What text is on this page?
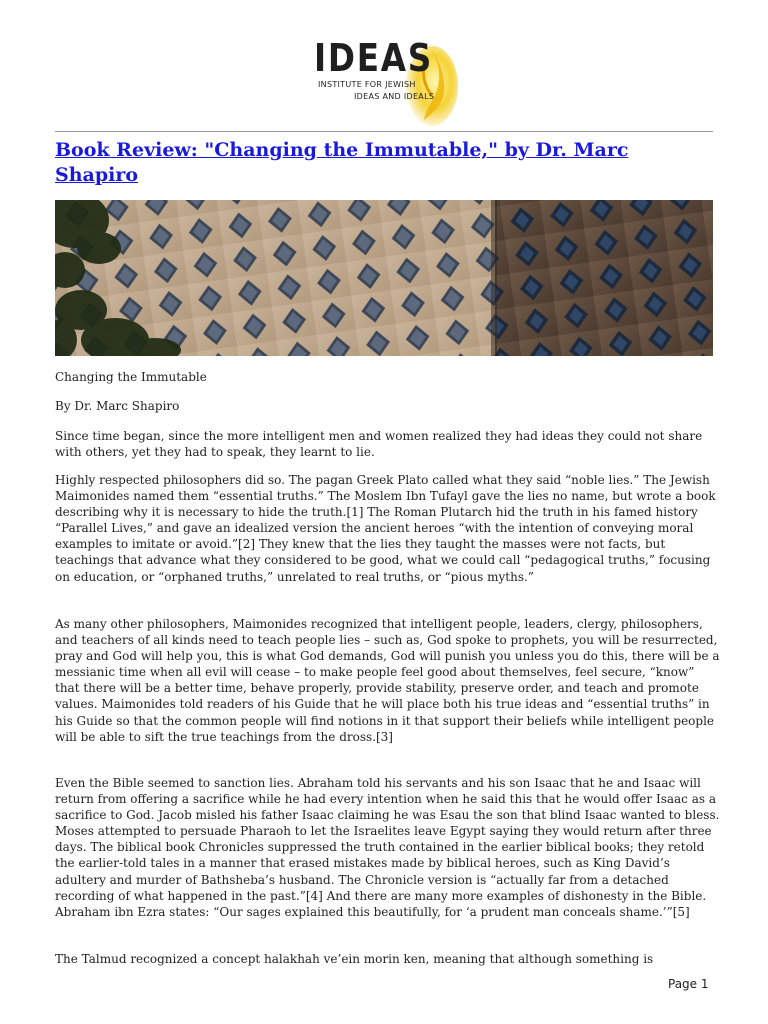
IDEAS
INSTITUTE FOR JEWISH
IDEAS AND IDEALS
Book Review: "Changing the Immutable," by Dr. Marc Shapiro

Changing the Immutable

By Dr. Marc Shapiro

Since time began, since the more intelligent men and women realized they had ideas they could not share with others, yet they had to speak, they learnt to lie.

Highly respected philosophers did so. The pagan Greek Plato called what they said “noble lies.” The Jewish Maimonides named them “essential truths.” The Moslem Ibn Tufayl gave the lies no name, but wrote a book describing why it is necessary to hide the truth.[1] The Roman Plutarch hid the truth in his famed history “Parallel Lives,” and gave an idealized version the ancient heroes “with the intention of conveying moral examples to imitate or avoid.”[2] They knew that the lies they taught the masses were not facts, but teachings that advance what they considered to be good, what we could call “pedagogical truths,” focusing on education, or “orphaned truths,” unrelated to real truths, or “pious myths.”

As many other philosophers, Maimonides recognized that intelligent people, leaders, clergy, philosophers, and teachers of all kinds need to teach people lies – such as, God spoke to prophets, you will be resurrected, pray and God will help you, this is what God demands, God will punish you unless you do this, there will be a messianic time when all evil will cease – to make people feel good about themselves, feel secure, “know” that there will be a better time, behave properly, provide stability, preserve order, and teach and promote values. Maimonides told readers of his Guide that he will place both his true ideas and “essential truths” in his Guide so that the common people will find notions in it that support their beliefs while intelligent people will be able to sift the true teachings from the dross.[3]

Even the Bible seemed to sanction lies. Abraham told his servants and his son Isaac that he and Isaac will return from offering a sacrifice while he had every intention when he said this that he would offer Isaac as a sacrifice to God. Jacob misled his father Isaac claiming he was Esau the son that blind Isaac wanted to bless. Moses attempted to persuade Pharaoh to let the Israelites leave Egypt saying they would return after three days. The biblical book Chronicles suppressed the truth contained in the earlier biblical books; they retold the earlier-told tales in a manner that erased mistakes made by biblical heroes, such as King David’s adultery and murder of Bathsheba’s husband. The Chronicle version is “actually far from a detached recording of what happened in the past.”[4] And there are many more examples of dishonesty in the Bible. Abraham ibn Ezra states: “Our sages explained this beautifully, for ‘a prudent man conceals shame.’”[5]

The Talmud recognized a concept halakhah ve’ein morin ken, meaning that although something is

Page 1
